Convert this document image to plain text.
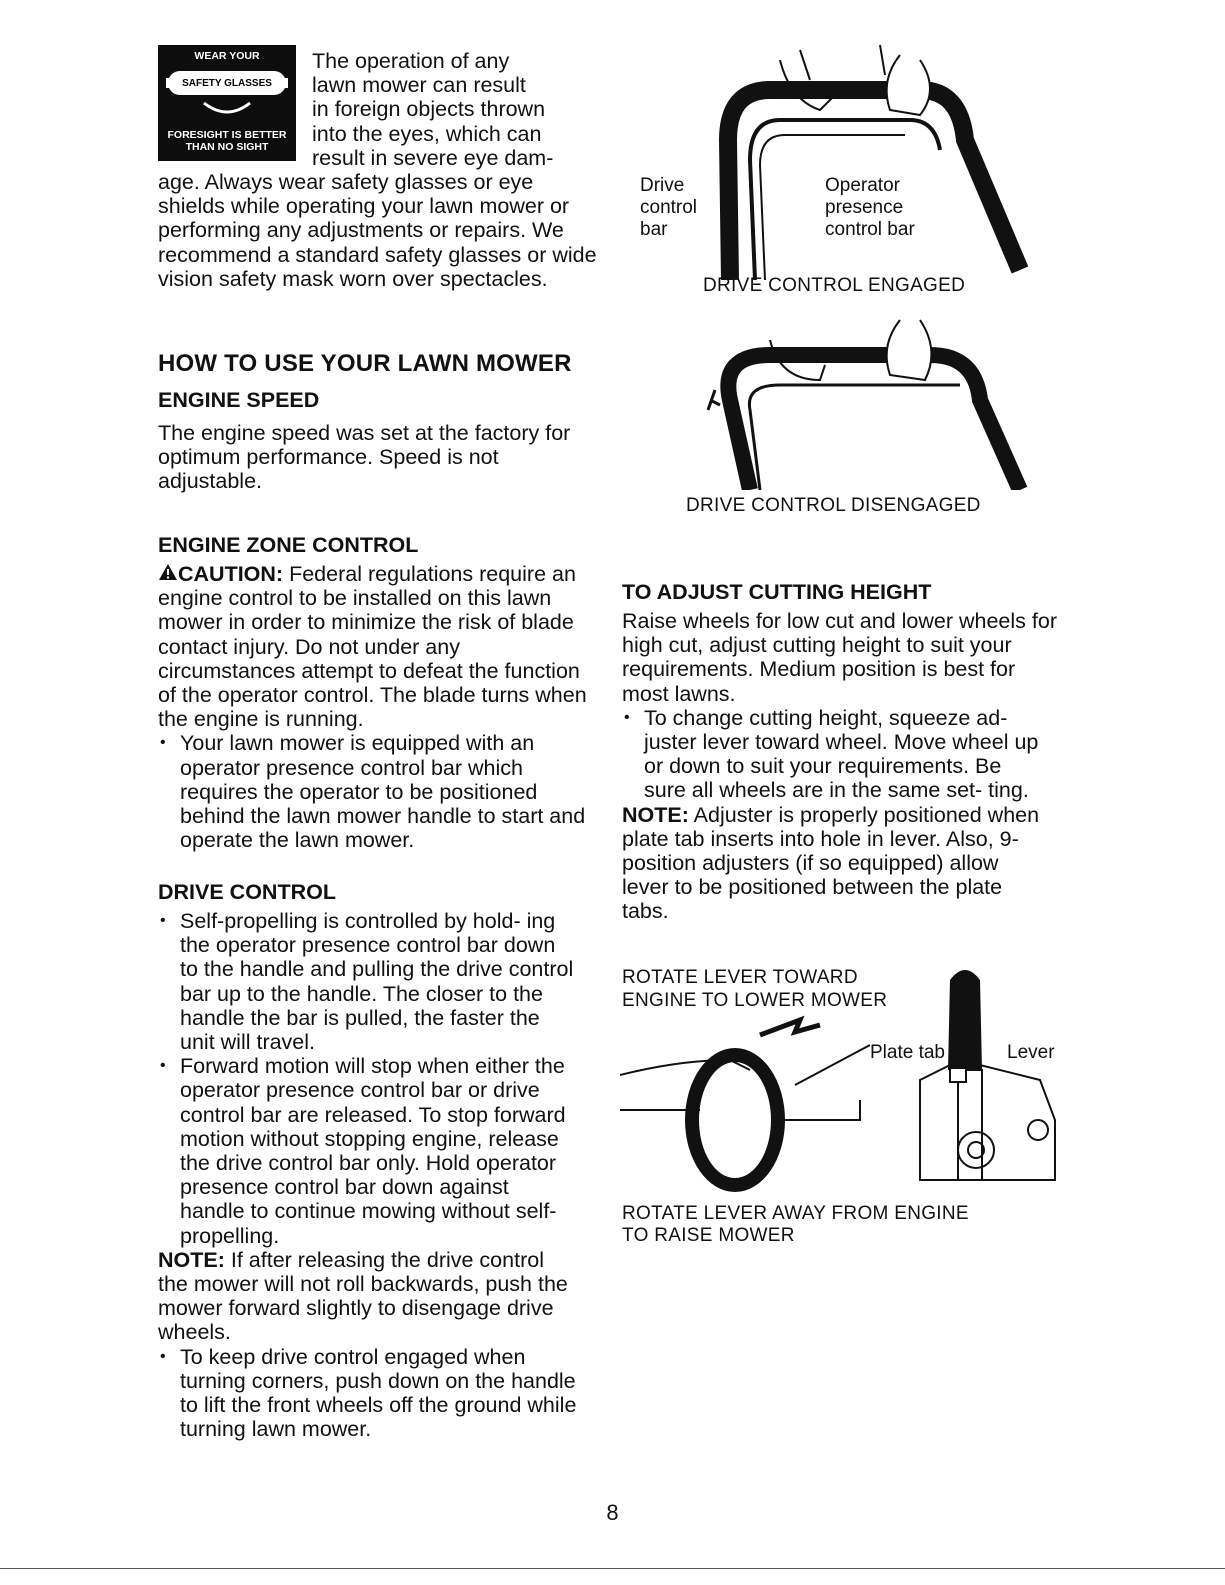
WEAR YOUR
SAFETY GLASSES
FORESIGHT IS BETTER
THAN NO SIGHT

The operation of any

lawn mower can result

in foreign objects thrown

into the eyes, which can

result in severe eye dam-

age. Always wear safety glasses or eye shields while operating your lawn mower or performing any adjustments or repairs. We recommend a standard safety glasses or wide vision safety mask worn over spectacles.

HOW TO USE YOUR LAWN MOWER
ENGINE SPEED

The engine speed was set at the factory for optimum performance. Speed is not adjustable.

ENGINE ZONE CONTROL

CAUTION: Federal regulations require an engine control to be installed on this lawn mower in order to minimize the risk of blade contact injury. Do not under any circumstances attempt to defeat the function of the operator control. The blade turns when the engine is running.

• Your lawn mower is equipped with an operator presence control bar which requires the operator to be positioned behind the lawn mower handle to start and operate the lawn mower.
DRIVE CONTROL
• Self-propelling is controlled by hold- ing the operator presence control bar down to the handle and pulling the drive control bar up to the handle. The closer to the handle the bar is pulled, the faster the unit will travel.
• Forward motion will stop when either the operator presence control bar or drive control bar are released. To stop forward motion without stopping engine, release the drive control bar only. Hold operator presence control bar down against handle to continue mowing without self-propelling.

NOTE: If after releasing the drive control the mower will not roll backwards, push the mower forward slightly to disengage drive wheels.

• To keep drive control engaged when turning corners, push down on the handle to lift the front wheels off the ground while turning lawn mower.
Drive
control
bar
Operator
presence
control bar
DRIVE CONTROL ENGAGED
DRIVE CONTROL DISENGAGED
TO ADJUST CUTTING HEIGHT

Raise wheels for low cut and lower wheels for high cut, adjust cutting height to suit your requirements. Medium position is best for most lawns.

• To change cutting height, squeeze ad- juster lever toward wheel. Move wheel up or down to suit your requirements. Be sure all wheels are in the same set- ting.

NOTE: Adjuster is properly positioned when plate tab inserts into hole in lever. Also, 9-position adjusters (if so equipped) allow lever to be positioned between the plate tabs.

ROTATE LEVER TOWARD
ENGINE TO LOWER MOWER
Plate tab	Lever
ROTATE LEVER AWAY FROM ENGINE
TO RAISE MOWER
8
